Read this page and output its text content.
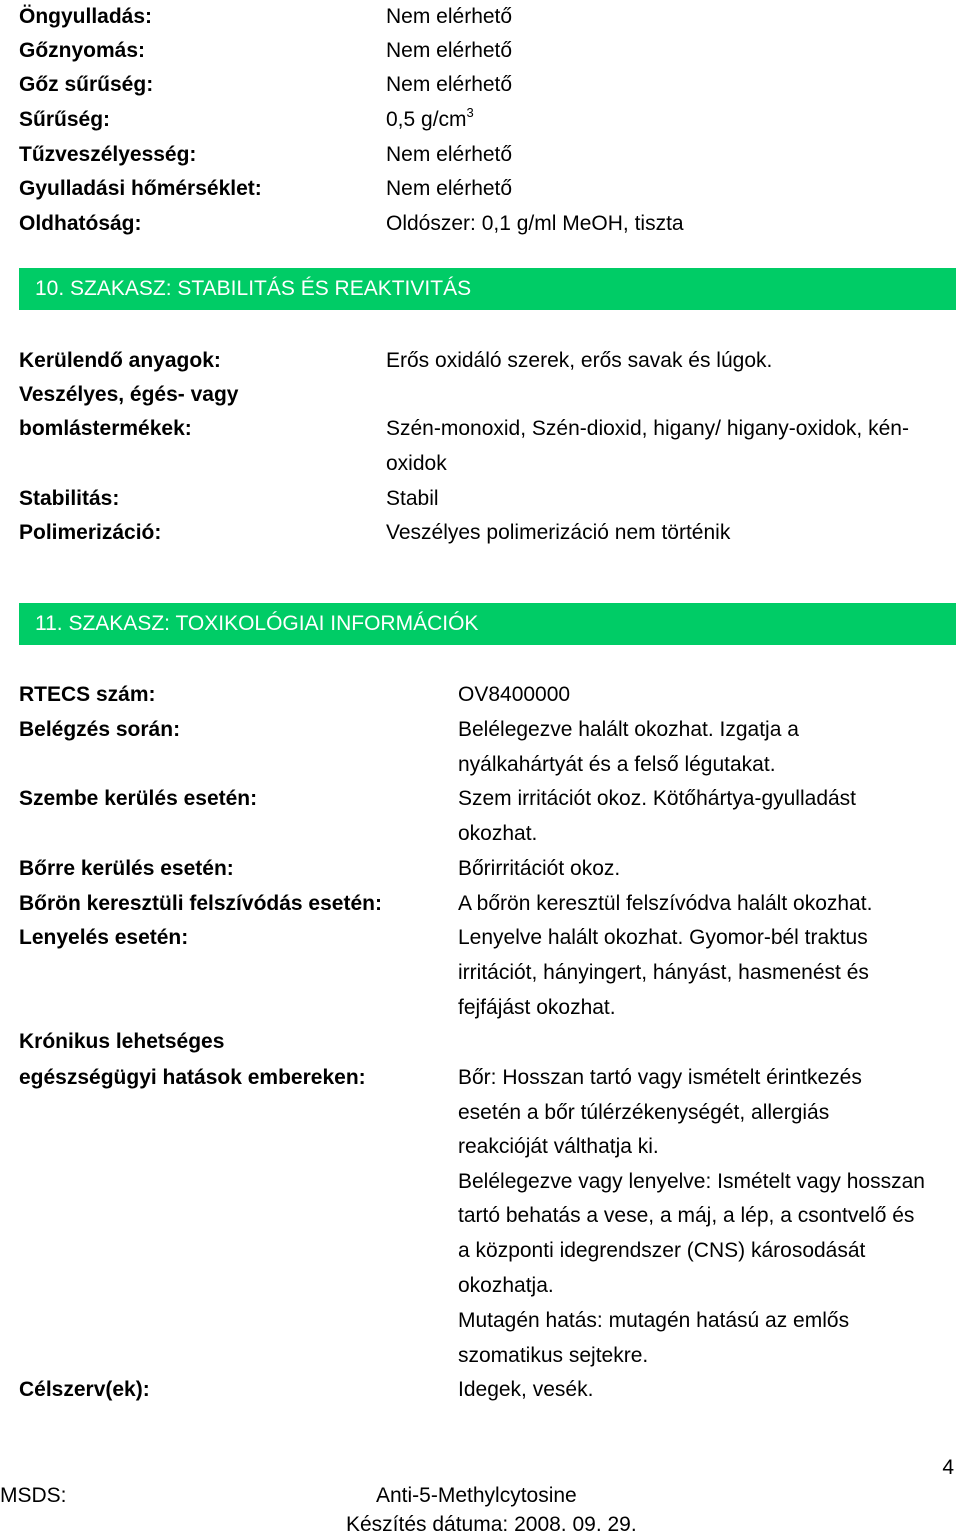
Öngyulladás:	Nem elérhető
Gőznyomás:	Nem elérhető
Gőz sűrűség:	Nem elérhető
Sűrűség:	0,5 $g/cm^3$
Tűzveszélyesség:	Nem elérhető
Gyulladási hőmérséklet:	Nem elérhető
Oldhatóság:	Oldószer: 0,1 g/ml MeOH, tiszta
10. SZAKASZ: STABILITÁS ÉS REAKTIVITÁS
Kerülendő anyagok:	Erős oxidáló szerek, erős savak és lúgok.
Veszélyes, égés- vagy
bomlástermékek:	Szén-monoxid, Szén-dioxid, higany/ higany-oxidok, kén-
oxidok
Stabilitás:	Stabil
Polimerizáció:	Veszélyes polimerizáció nem történik
11. SZAKASZ: TOXIKOLÓGIAI INFORMÁCIÓK
RTECS szám:	OV8400000
Belégzés során:	Belélegezve halált okozhat. Izgatja a
nyálkahártyát és a felső légutakat.
Szembe kerülés esetén:	Szem irritációt okoz. Kötőhártya-gyulladást
okozhat.
Bőrre kerülés esetén:	Bőrirritációt okoz.
Bőrön keresztüli felszívódás esetén:	A bőrön keresztül felszívódva halált okozhat.
Lenyelés esetén:	Lenyelve halált okozhat. Gyomor-bél traktus
irritációt, hányingert, hányást, hasmenést és
fejfájást okozhat.
Krónikus lehetséges
egészségügyi hatások embereken:	Bőr: Hosszan tartó vagy ismételt érintkezés
esetén a bőr túlérzékenységét, allergiás
reakcióját válthatja ki.
Belélegezve vagy lenyelve: Ismételt vagy hosszan
tartó behatás a vese, a máj, a lép, a csontvelő és
a központi idegrendszer (CNS) károsodását
okozhatja.
Mutagén hatás: mutagén hatású az emlős
szomatikus sejtekre.
Célszerv(ek):	Idegek, vesék.
4
MSDS:	Anti-5-Methylcytosine
Készítés dátuma: 2008. 09. 29.
